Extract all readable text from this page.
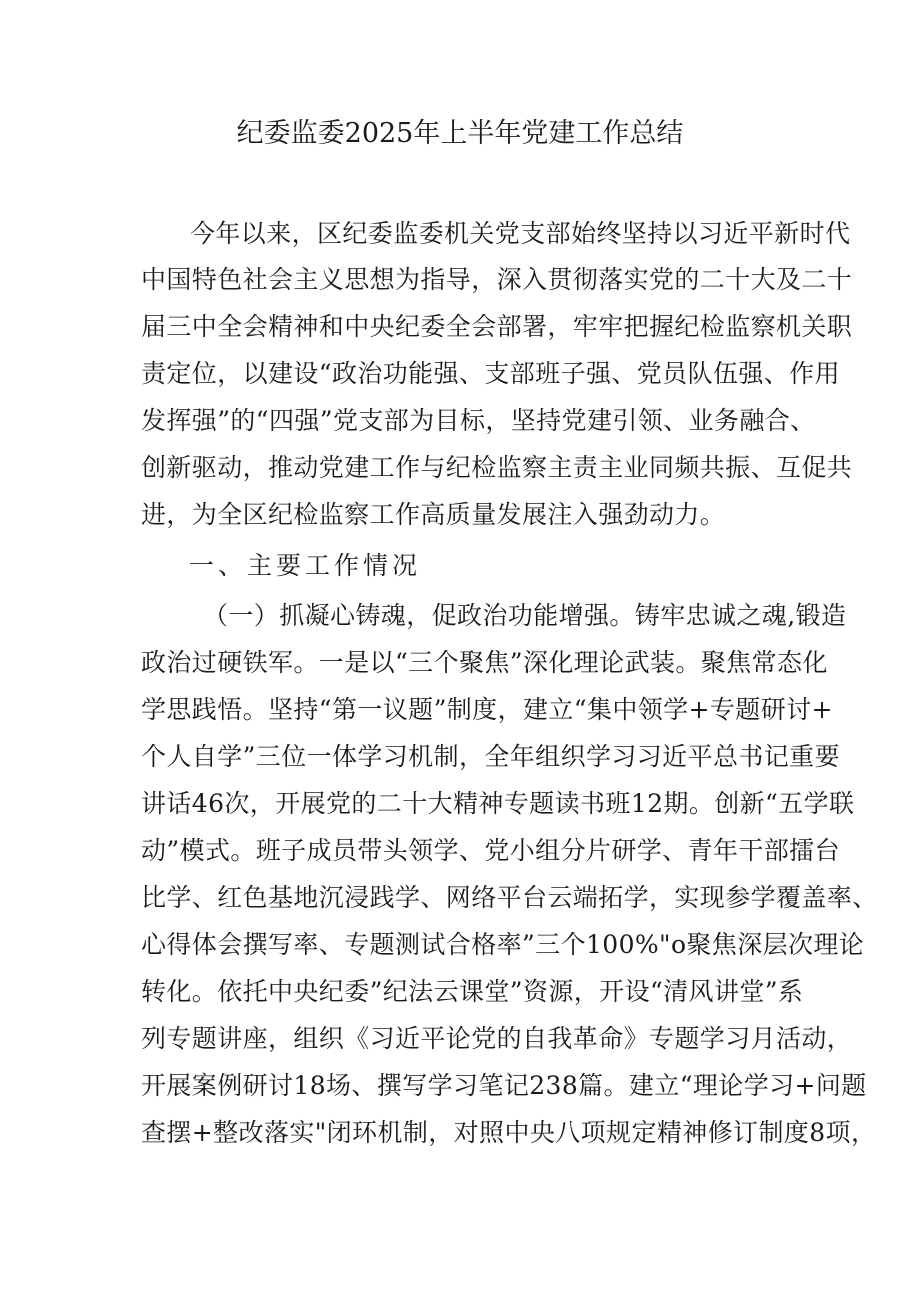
纪委监委2025年上半年党建工作总结
今年以来，区纪委监委机关党支部始终坚持以习近平新时代
中国特色社会主义思想为指导，深入贯彻落实党的二十大及二十
届三中全会精神和中央纪委全会部署，牢牢把握纪检监察机关职
责定位，以建设“政治功能强、支部班子强、党员队伍强、作用
发挥强”的“四强”党支部为目标，坚持党建引领、业务融合、
创新驱动，推动党建工作与纪检监察主责主业同频共振、互促共
进，为全区纪检监察工作高质量发展注入强劲动力。
一、主要工作情况
（一）抓凝心铸魂，促政治功能增强。铸牢忠诚之魂,锻造
政治过硬铁军。一是以“三个聚焦”深化理论武装。聚焦常态化
学思践悟。坚持“第一议题”制度，建立“集中领学+专题研讨+
个人自学”三位一体学习机制，全年组织学习习近平总书记重要
讲话46次，开展党的二十大精神专题读书班12期。创新“五学联
动”模式。班子成员带头领学、党小组分片研学、青年干部擂台
比学、红色基地沉浸践学、网络平台云端拓学，实现参学覆盖率、
心得体会撰写率、专题测试合格率”三个100%"o聚焦深层次理论
转化。依托中央纪委”纪法云课堂”资源，开设“清风讲堂”系
列专题讲座，组织《习近平论党的自我革命》专题学习月活动，
开展案例研讨18场、撰写学习笔记238篇。建立“理论学习+问题
查摆+整改落实"闭环机制，对照中央八项规定精神修订制度8项，
